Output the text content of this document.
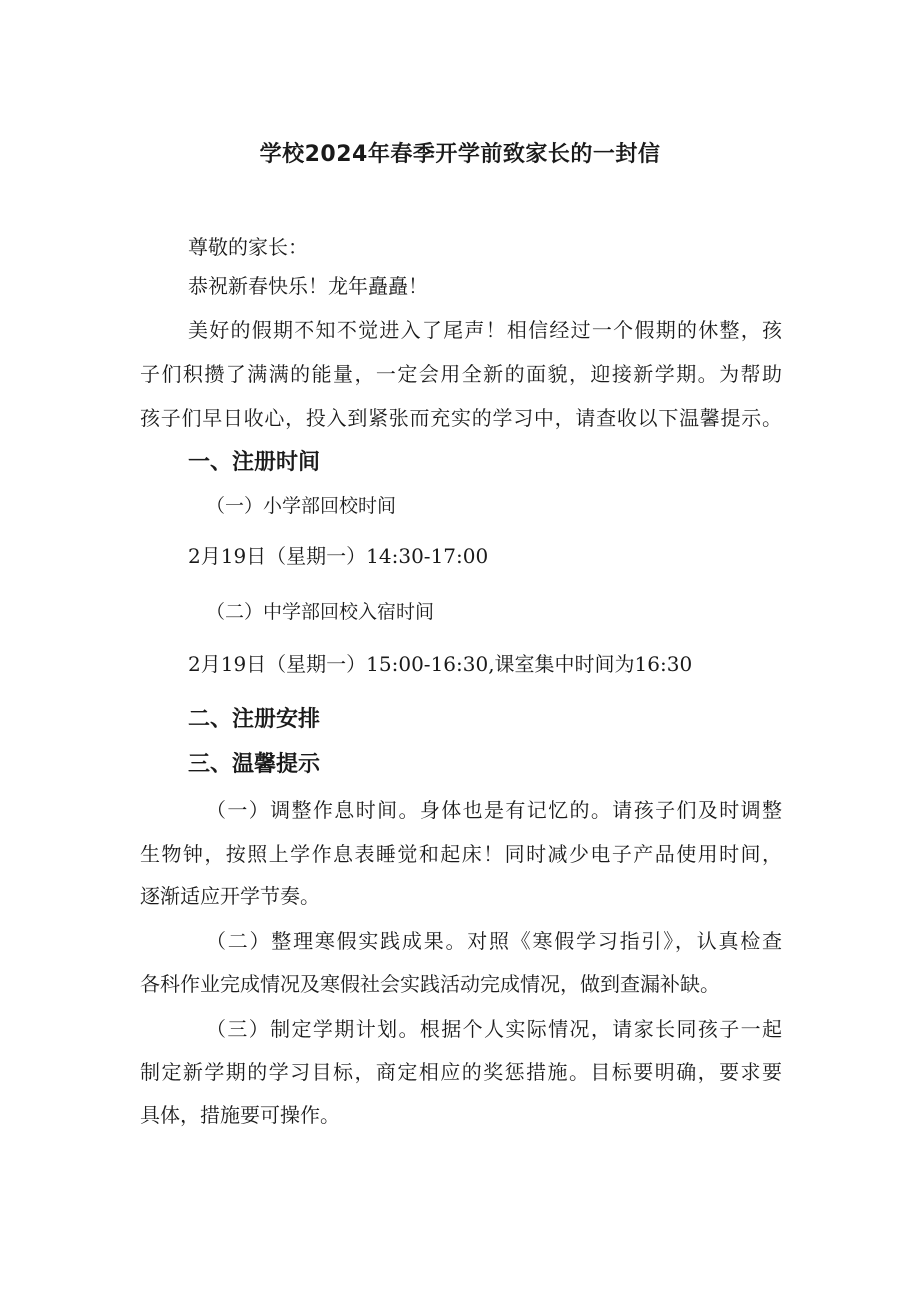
学校2024年春季开学前致家长的一封信
尊敬的家长：
恭祝新春快乐！龙年矗矗！
美好的假期不知不觉进入了尾声！相信经过一个假期的休整，孩
子们积攒了满满的能量，一定会用全新的面貌，迎接新学期。为帮助
孩子们早日收心，投入到紧张而充实的学习中，请查收以下温馨提示。
一、注册时间
（一）小学部回校时间
2月19日（星期一）14:30-17:00
（二）中学部回校入宿时间
2月19日（星期一）15:00-16:30,课室集中时间为16:30
二、注册安排
三、温馨提示
（一）调整作息时间。身体也是有记忆的。请孩子们及时调整
生物钟，按照上学作息表睡觉和起床！同时减少电子产品使用时间，
逐渐适应开学节奏。
（二）整理寒假实践成果。对照《寒假学习指引》，认真检查
各科作业完成情况及寒假社会实践活动完成情况，做到查漏补缺。
（三）制定学期计划。根据个人实际情况，请家长同孩子一起
制定新学期的学习目标，商定相应的奖惩措施。目标要明确，要求要
具体，措施要可操作。
